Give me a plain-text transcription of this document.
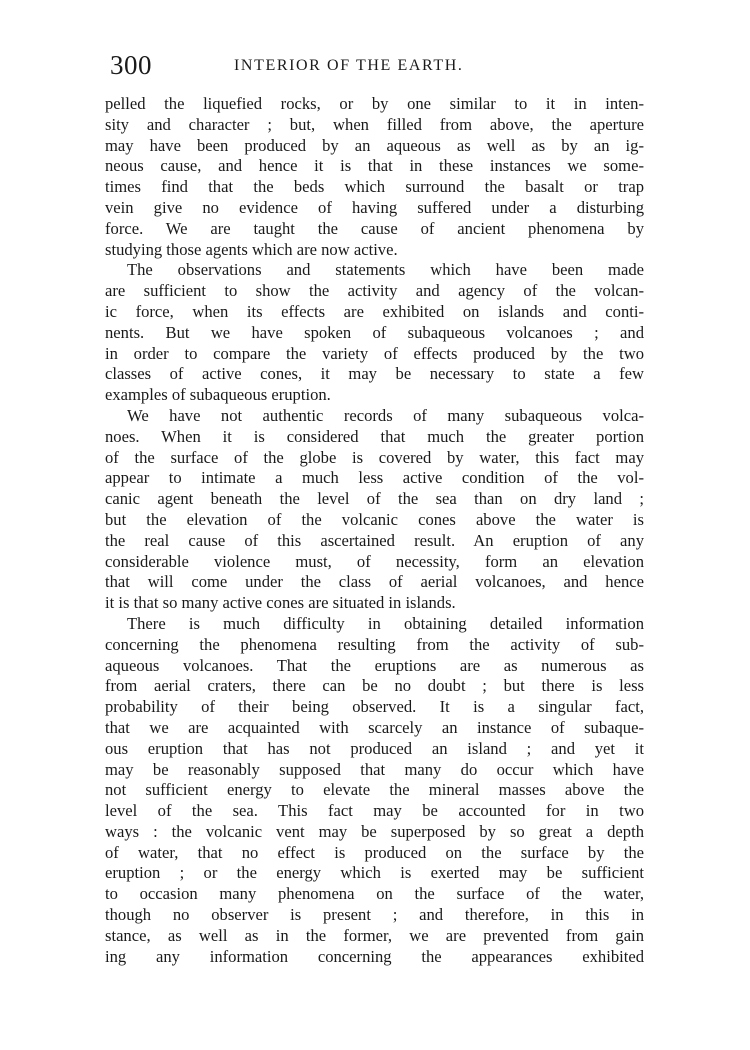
300	INTERIOR OF THE EARTH.
pelled the liquefied rocks, or by one similar to it in inten-
sity and character ; but, when filled from above, the aperture
may have been produced by an aqueous as well as by an ig-
neous cause, and hence it is that in these instances we some-
times find that the beds which surround the basalt or trap
vein give no evidence of having suffered under a disturbing
force. We are taught the cause of ancient phenomena by
studying those agents which are now active.
The observations and statements which have been made
are sufficient to show the activity and agency of the volcan-
ic force, when its effects are exhibited on islands and conti-
nents. But we have spoken of subaqueous volcanoes ; and
in order to compare the variety of effects produced by the two
classes of active cones, it may be necessary to state a few
examples of subaqueous eruption.
We have not authentic records of many subaqueous volca-
noes. When it is considered that much the greater portion
of the surface of the globe is covered by water, this fact may
appear to intimate a much less active condition of the vol-
canic agent beneath the level of the sea than on dry land ;
but the elevation of the volcanic cones above the water is
the real cause of this ascertained result. An eruption of any
considerable violence must, of necessity, form an elevation
that will come under the class of aerial volcanoes, and hence
it is that so many active cones are situated in islands.
There is much difficulty in obtaining detailed information
concerning the phenomena resulting from the activity of sub-
aqueous volcanoes. That the eruptions are as numerous as
from aerial craters, there can be no doubt ; but there is less
probability of their being observed. It is a singular fact,
that we are acquainted with scarcely an instance of subaque-
ous eruption that has not produced an island ; and yet it
may be reasonably supposed that many do occur which have
not sufficient energy to elevate the mineral masses above the
level of the sea. This fact may be accounted for in two
ways : the volcanic vent may be superposed by so great a depth
of water, that no effect is produced on the surface by the
eruption ; or the energy which is exerted may be sufficient
to occasion many phenomena on the surface of the water,
though no observer is present ; and therefore, in this in
stance, as well as in the former, we are prevented from gain
ing any information concerning the appearances exhibited
